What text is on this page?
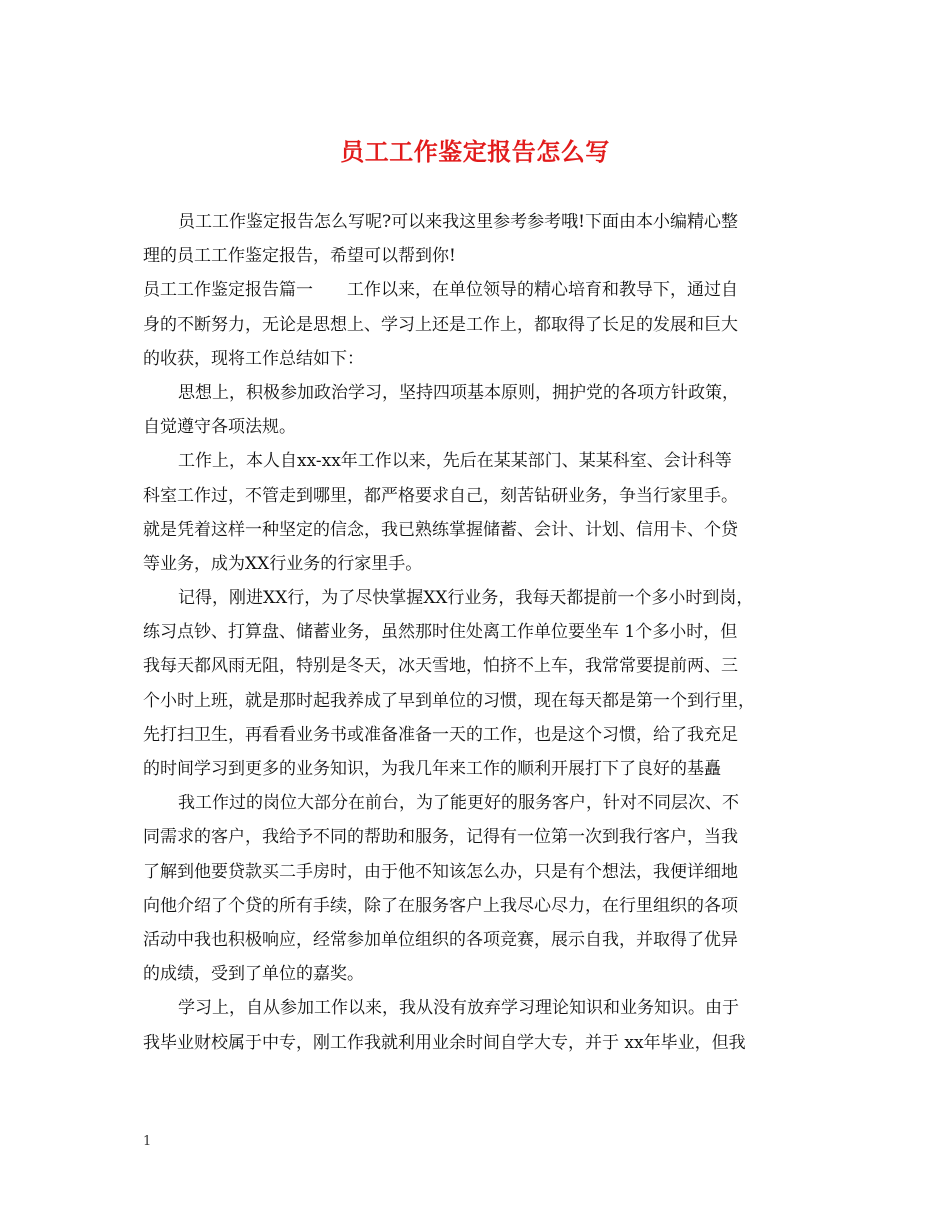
员工工作鉴定报告怎么写
员工工作鉴定报告怎么写呢?可以来我这里参考参考哦!下面由本小编精心整
理的员工工作鉴定报告，希望可以帮到你!
员工工作鉴定报告篇一　　工作以来，在单位领导的精心培育和教导下，通过自
身的不断努力，无论是思想上、学习上还是工作上，都取得了长足的发展和巨大
的收获，现将工作总结如下：
思想上，积极参加政治学习，坚持四项基本原则，拥护党的各项方针政策，
自觉遵守各项法规。
工作上，本人自xx-xx年工作以来，先后在某某部门、某某科室、会计科等
科室工作过，不管走到哪里，都严格要求自己，刻苦钻研业务，争当行家里手。
就是凭着这样一种坚定的信念，我已熟练掌握储蓄、会计、计划、信用卡、个贷
等业务，成为XX行业务的行家里手。
记得，刚进XX行，为了尽快掌握XX行业务，我每天都提前一个多小时到岗，
练习点钞、打算盘、储蓄业务，虽然那时住处离工作单位要坐车 1个多小时，但
我每天都风雨无阻，特别是冬天，冰天雪地，怕挤不上车，我常常要提前两、三
个小时上班，就是那时起我养成了早到单位的习惯，现在每天都是第一个到行里，
先打扫卫生，再看看业务书或准备准备一天的工作，也是这个习惯，给了我充足
的时间学习到更多的业务知识，为我几年来工作的顺利开展打下了良好的基矗
我工作过的岗位大部分在前台，为了能更好的服务客户，针对不同层次、不
同需求的客户，我给予不同的帮助和服务，记得有一位第一次到我行客户，当我
了解到他要贷款买二手房时，由于他不知该怎么办，只是有个想法，我便详细地
向他介绍了个贷的所有手续，除了在服务客户上我尽心尽力，在行里组织的各项
活动中我也积极响应，经常参加单位组织的各项竞赛，展示自我，并取得了优异
的成绩，受到了单位的嘉奖。
学习上，自从参加工作以来，我从没有放弃学习理论知识和业务知识。由于
我毕业财校属于中专，刚工作我就利用业余时间自学大专，并于 xx年毕业，但我
1
